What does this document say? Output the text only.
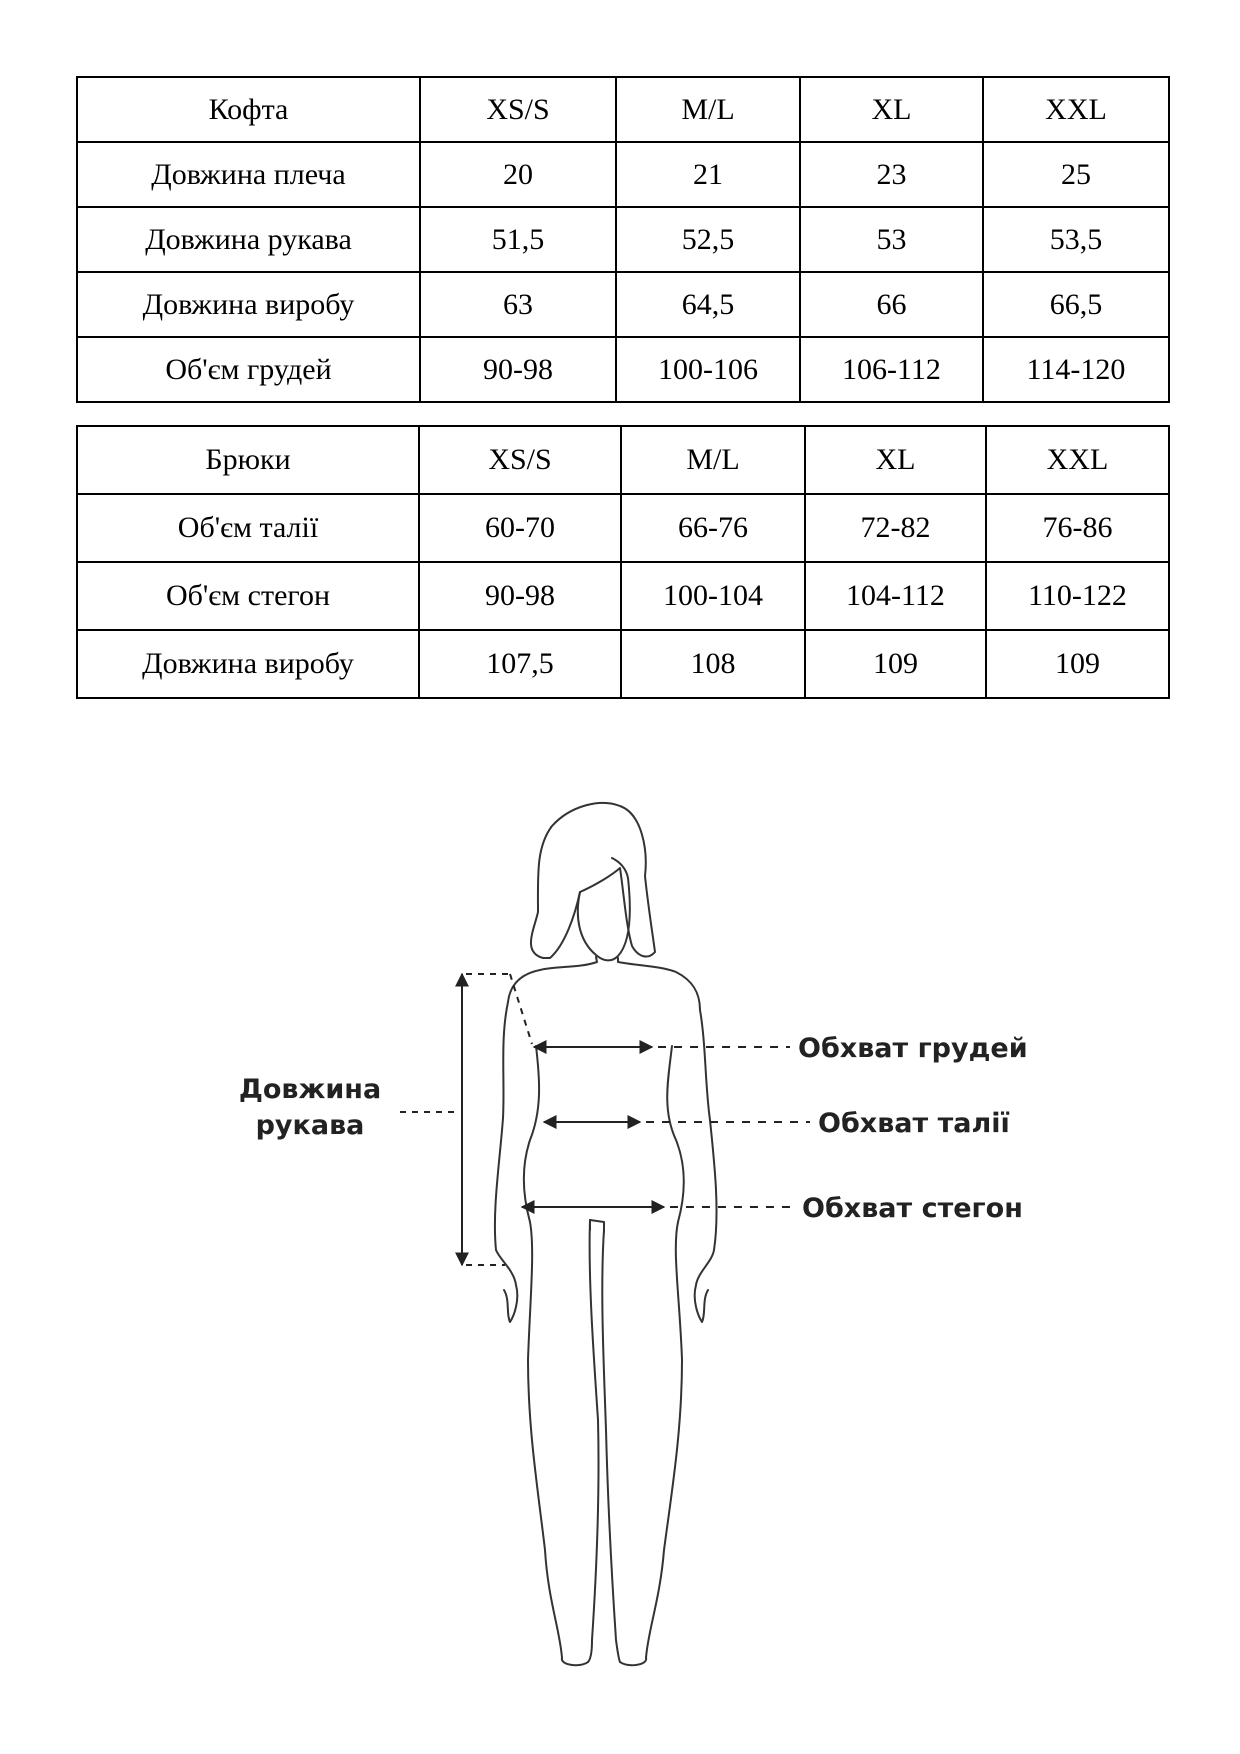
Кофта	XS/S	M/L	XL	XXL
Довжина плеча	20	21	23	25
Довжина рукава	51,5	52,5	53	53,5
Довжина виробу	63	64,5	66	66,5
Об'єм грудей	90-98	100-106	106-112	114-120
Брюки	XS/S	M/L	XL	XXL
Об'єм талії	60-70	66-76	72-82	76-86
Об'єм стегон	90-98	100-104	104-112	110-122
Довжина виробу	107,5	108	109	109
Довжина
рукава
Обхват грудей
Обхват талії
Обхват стегон
